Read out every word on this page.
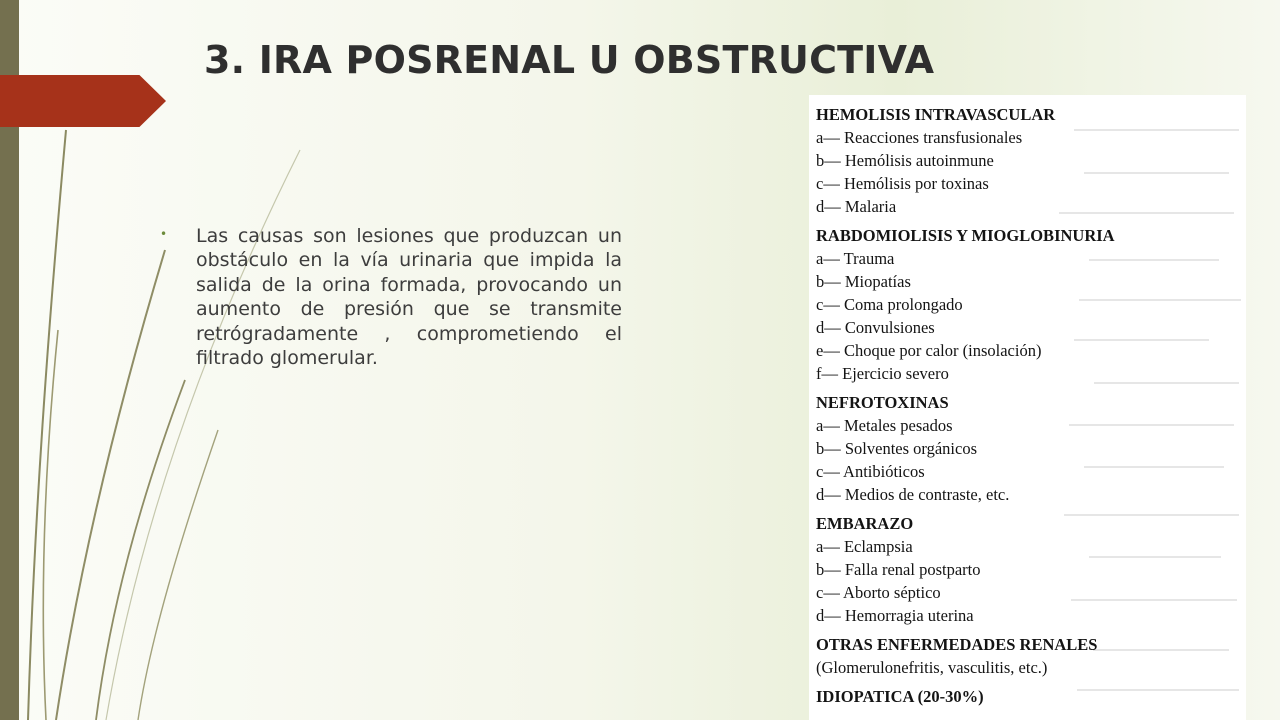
3. IRA POSRENAL U OBSTRUCTIVA
• Las causas son lesiones que produzcan un obstáculo en la vía urinaria que impida la salida de la orina formada, provocando un aumento de presión que se transmite retrógradamente , comprometiendo el filtrado glomerular.

HEMOLISIS INTRAVASCULAR
a— Reacciones transfusionales
b— Hemólisis autoinmune
c— Hemólisis por toxinas
d— Malaria
RABDOMIOLISIS Y MIOGLOBINURIA
a— Trauma
b— Miopatías
c— Coma prolongado
d— Convulsiones
e— Choque por calor (insolación)
f— Ejercicio severo
NEFROTOXINAS
a— Metales pesados
b— Solventes orgánicos
c— Antibióticos
d— Medios de contraste, etc.
EMBARAZO
a— Eclampsia
b— Falla renal postparto
c— Aborto séptico
d— Hemorragia uterina
OTRAS ENFERMEDADES RENALES
(Glomerulonefritis, vasculitis, etc.)
IDIOPATICA (20-30%)
